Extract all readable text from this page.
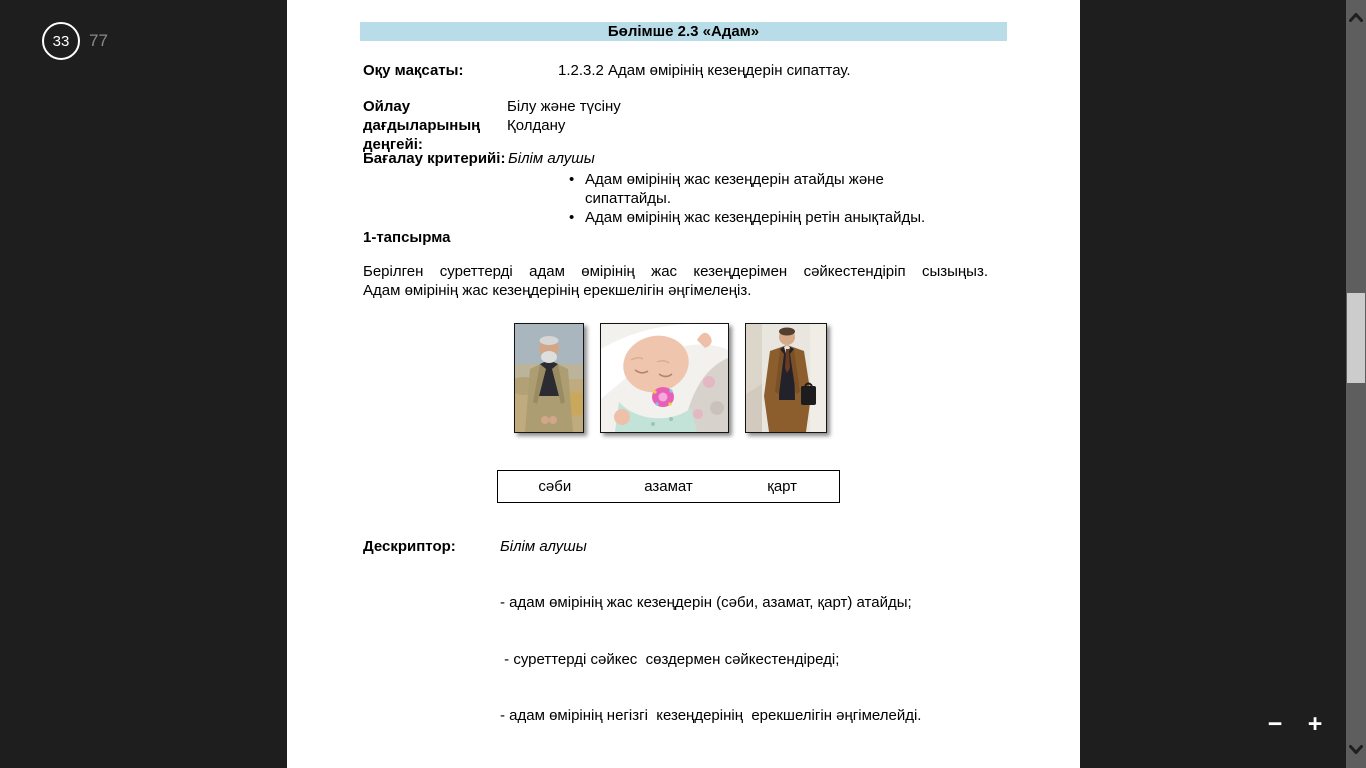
33 77	Бөлімше 2.3 «Адам»
Оқу мақсаты:	1.2.3.2 Адам өмірінің кезеңдерін сипаттау.
Ойлау дағдыларының деңгейі:
Білу және түсіну
Қолдану
Бағалау критерийі: Білім алушы
• Адам өмірінің жас кезеңдерін атайды және сипаттайды.
• Адам өмірінің жас кезеңдерінің ретін анықтайды.
1-тапсырма
Берілген суреттерді адам өмірінің жас кезеңдерімен сәйкестендіріп сызыңыз.
Адам өмірінің жас кезеңдерінің ерекшелігін әңгімелеңіз.
сәби	азамат	қарт
Дескриптор:	Білім алушы

- адам өмірінің жас кезеңдерін (сәби, азамат, қарт) атайды;

- суреттерді сәйкес  сөздермен сәйкестендіреді;

- адам өмірінің негізгі  кезеңдерінің  ерекшелігін әңгімелейді.

	− +
